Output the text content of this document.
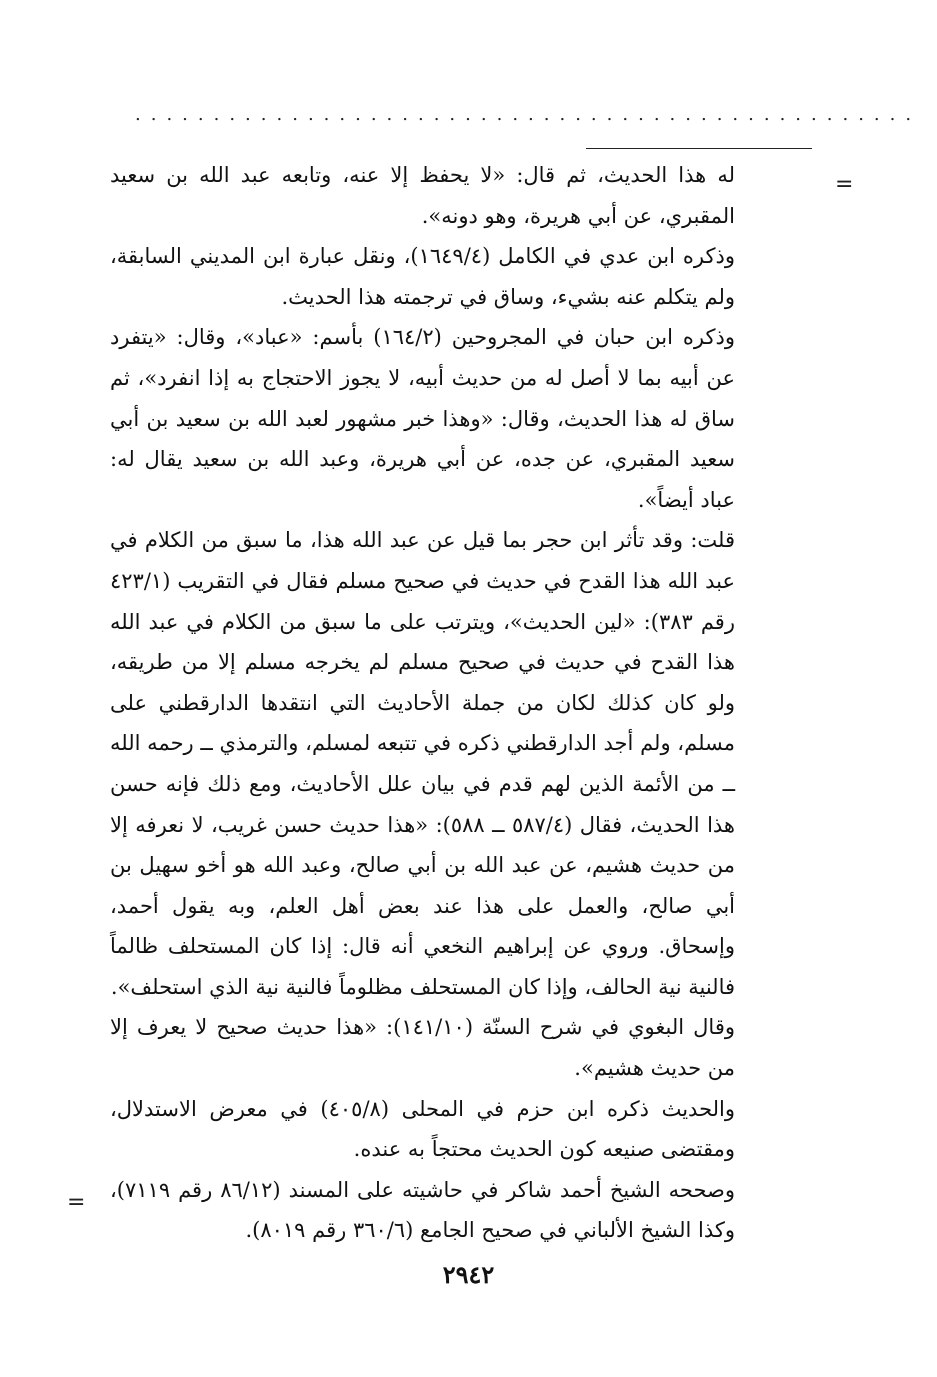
..................................................
=
=

له هذا الحديث، ثم قال: «لا يحفظ إلا عنه، وتابعه عبد الله بن سعيد المقبري، عن أبي هريرة، وهو دونه».

وذكره ابن عدي في الكامل (١٦٤٩/٤)، ونقل عبارة ابن المديني السابقة، ولم يتكلم عنه بشيء، وساق في ترجمته هذا الحديث.

وذكره ابن حبان في المجروحين (١٦٤/٢) بأسم: «عباد»، وقال: «يتفرد عن أبيه بما لا أصل له من حديث أبيه، لا يجوز الاحتجاج به إذا انفرد»، ثم ساق له هذا الحديث، وقال: «وهذا خبر مشهور لعبد الله بن سعيد بن أبي سعيد المقبري، عن جده، عن أبي هريرة، وعبد الله بن سعيد يقال له: عباد أيضاً».

قلت: وقد تأثر ابن حجر بما قيل عن عبد الله هذا، ما سبق من الكلام في عبد الله هذا القدح في حديث في صحيح مسلم فقال في التقريب (٤٢٣/١ رقم ٣٨٣): «لين الحديث»، ويترتب على ما سبق من الكلام في عبد الله هذا القدح في حديث في صحيح مسلم لم يخرجه مسلم إلا من طريقه، ولو كان كذلك لكان من جملة الأحاديث التي انتقدها الدارقطني على مسلم، ولم أجد الدارقطني ذكره في تتبعه لمسلم، والترمذي ــ رحمه الله ــ من الأئمة الذين لهم قدم في بيان علل الأحاديث، ومع ذلك فإنه حسن هذا الحديث، فقال (٥٨٧/٤ ــ ٥٨٨): «هذا حديث حسن غريب، لا نعرفه إلا من حديث هشيم، عن عبد الله بن أبي صالح، وعبد الله هو أخو سهيل بن أبي صالح، والعمل على هذا عند بعض أهل العلم، وبه يقول أحمد، وإسحاق. وروي عن إبراهيم النخعي أنه قال: إذا كان المستحلف ظالماً فالنية نية الحالف، وإذا كان المستحلف مظلوماً فالنية نية الذي استحلف».

وقال البغوي في شرح السنّة (١٤١/١٠): «هذا حديث صحيح لا يعرف إلا من حديث هشيم».

والحديث ذكره ابن حزم في المحلى (٤٠٥/٨) في معرض الاستدلال، ومقتضى صنيعه كون الحديث محتجاً به عنده.

وصححه الشيخ أحمد شاكر في حاشيته على المسند (٨٦/١٢ رقم ٧١١٩)، وكذا الشيخ الألباني في صحيح الجامع (٣٦٠/٦ رقم ٨٠١٩).

٢٩٤٢
